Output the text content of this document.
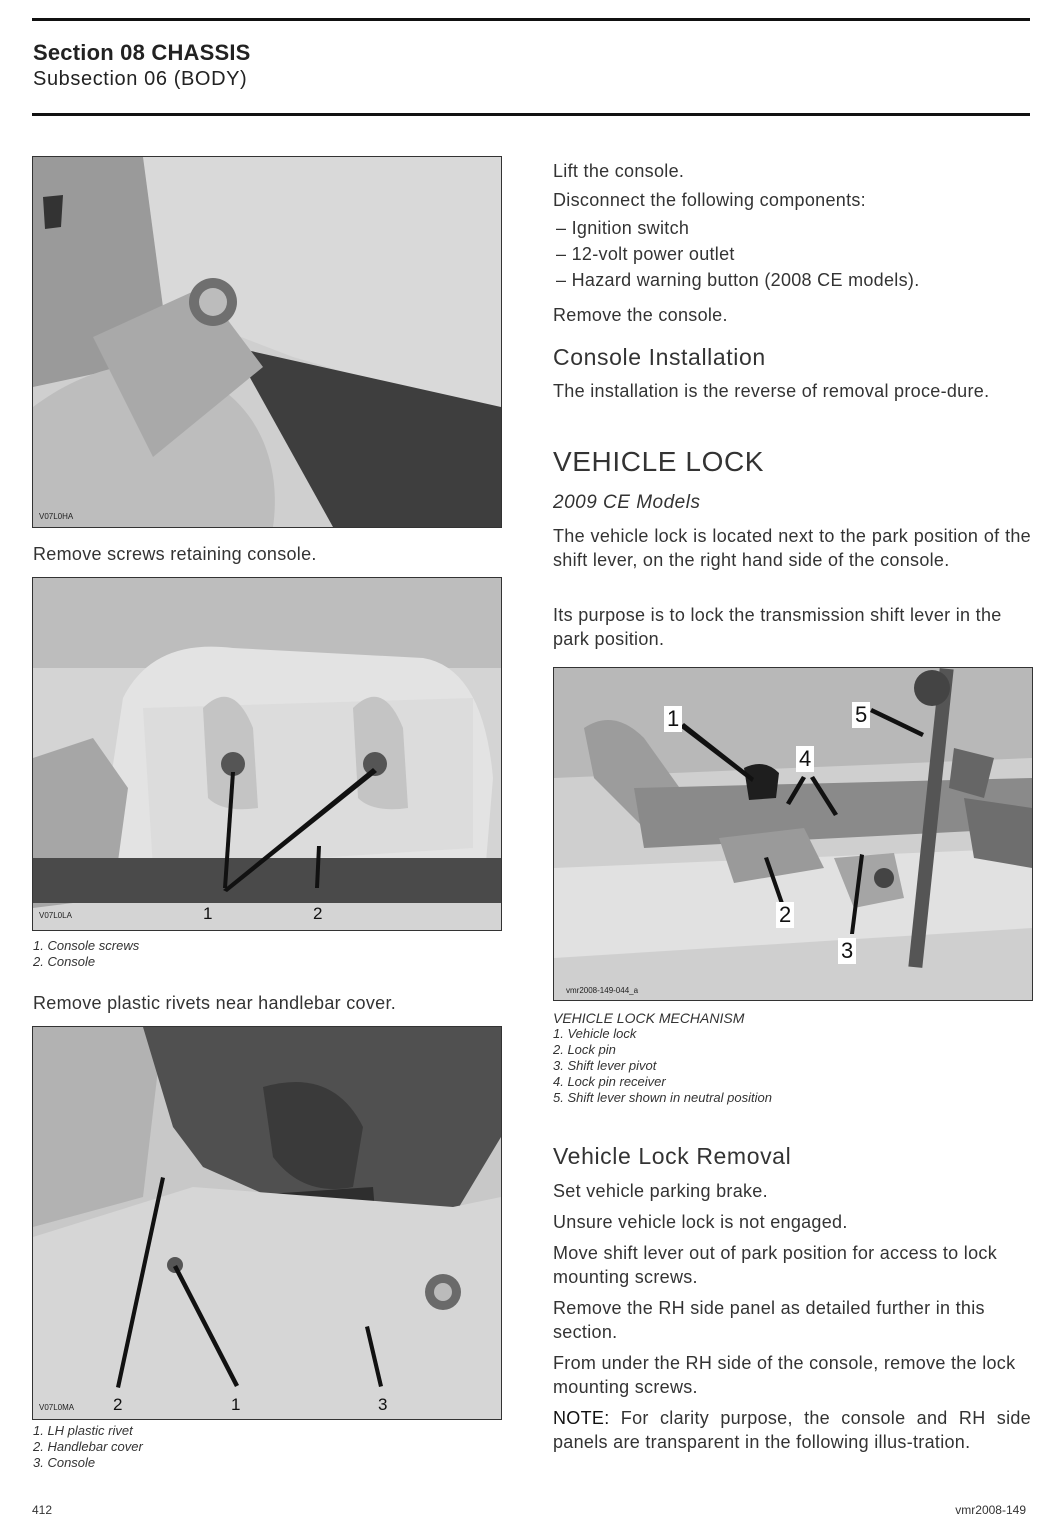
Section 08 CHASSIS
Subsection 06 (BODY)
V07L0HA
Remove screws retaining console.
V07L0LA	1	2
1. Console screws
2. Console
Remove plastic rivets near handlebar cover.
V07L0MA 2	1	3
1. LH plastic rivet
2. Handlebar cover
3. Console
Lift the console.
Disconnect the following components:
– Ignition switch
– 12-volt power outlet
– Hazard warning button (2008 CE models).
Remove the console.
Console Installation
The installation is the reverse of removal proce-dure.
VEHICLE LOCK
2009 CE Models
The vehicle lock is located next to the park position of the shift lever, on the right hand side of the console.
Its purpose is to lock the transmission shift lever in the park position.
vmr2008-149-044_a
1	5
4
2
3
VEHICLE LOCK MECHANISM
1. Vehicle lock
2. Lock pin
3. Shift lever pivot
4. Lock pin receiver
5. Shift lever shown in neutral position
Vehicle Lock Removal
Set vehicle parking brake.
Unsure vehicle lock is not engaged.
Move shift lever out of park position for access to lock mounting screws.
Remove the RH side panel as detailed further in this section.
From under the RH side of the console, remove the lock mounting screws.
NOTE: For clarity purpose, the console and RH side panels are transparent in the following illus-tration.
412	vmr2008-149
